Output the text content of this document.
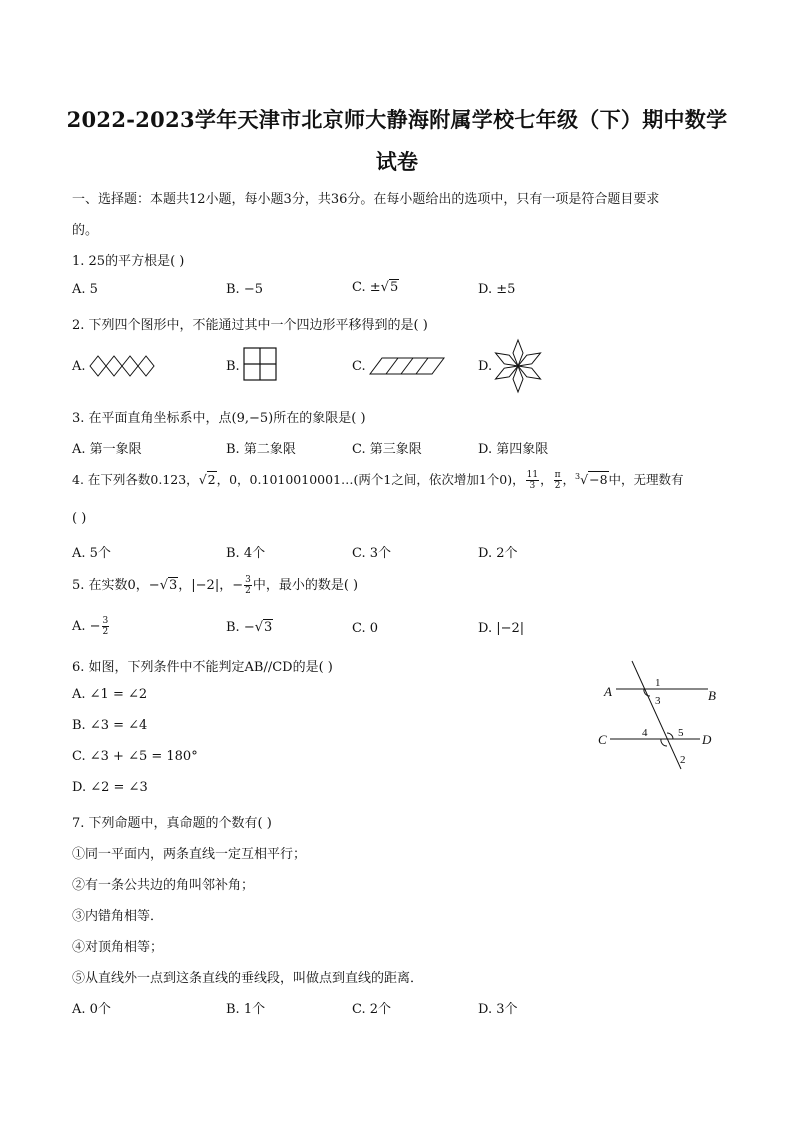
2022-2023学年天津市北京师大静海附属学校七年级（下）期中数学
试卷
一、选择题：本题共12小题，每小题3分，共36分。在每小题给出的选项中，只有一项是符合题目要求
的。
1. 25的平方根是( )
A. 5	B. −5	C. ±√5	D. ±5
2. 下列四个图形中，不能通过其中一个四边形平移得到的是( )
A.	B.	C.	D.
3. 在平面直角坐标系中，点(9,−5)所在的象限是( )
A. 第一象限	B. 第二象限	C. 第三象限	D. 第四象限
4. 在下列各数0.123，√2，0，0.1010010001…(两个1之间，依次增加1个0)， $\frac{11}{3}$ ， $\frac{\pi}{2}$ ，$^3$√−8中，无理数有
( )
A. 5个	B. 4个	C. 3个	D. 2个
5. 在实数0，−√3，|−2|，− $\frac{3}{2}$ 中，最小的数是( )
A. − $\frac{3}{2}$	B. −√3	C. 0	D. |−2|
6. 如图，下列条件中不能判定AB//CD的是( )
A. ∠1 = ∠2
B. ∠3 = ∠4
C. ∠3 + ∠5 = 180°
D. ∠2 = ∠3
A	B
C	D
1
3
4	5
2
7. 下列命题中，真命题的个数有( )
①同一平面内，两条直线一定互相平行；
②有一条公共边的角叫邻补角；
③内错角相等．
④对顶角相等；
⑤从直线外一点到这条直线的垂线段，叫做点到直线的距离．
A. 0个	B. 1个	C. 2个	D. 3个
